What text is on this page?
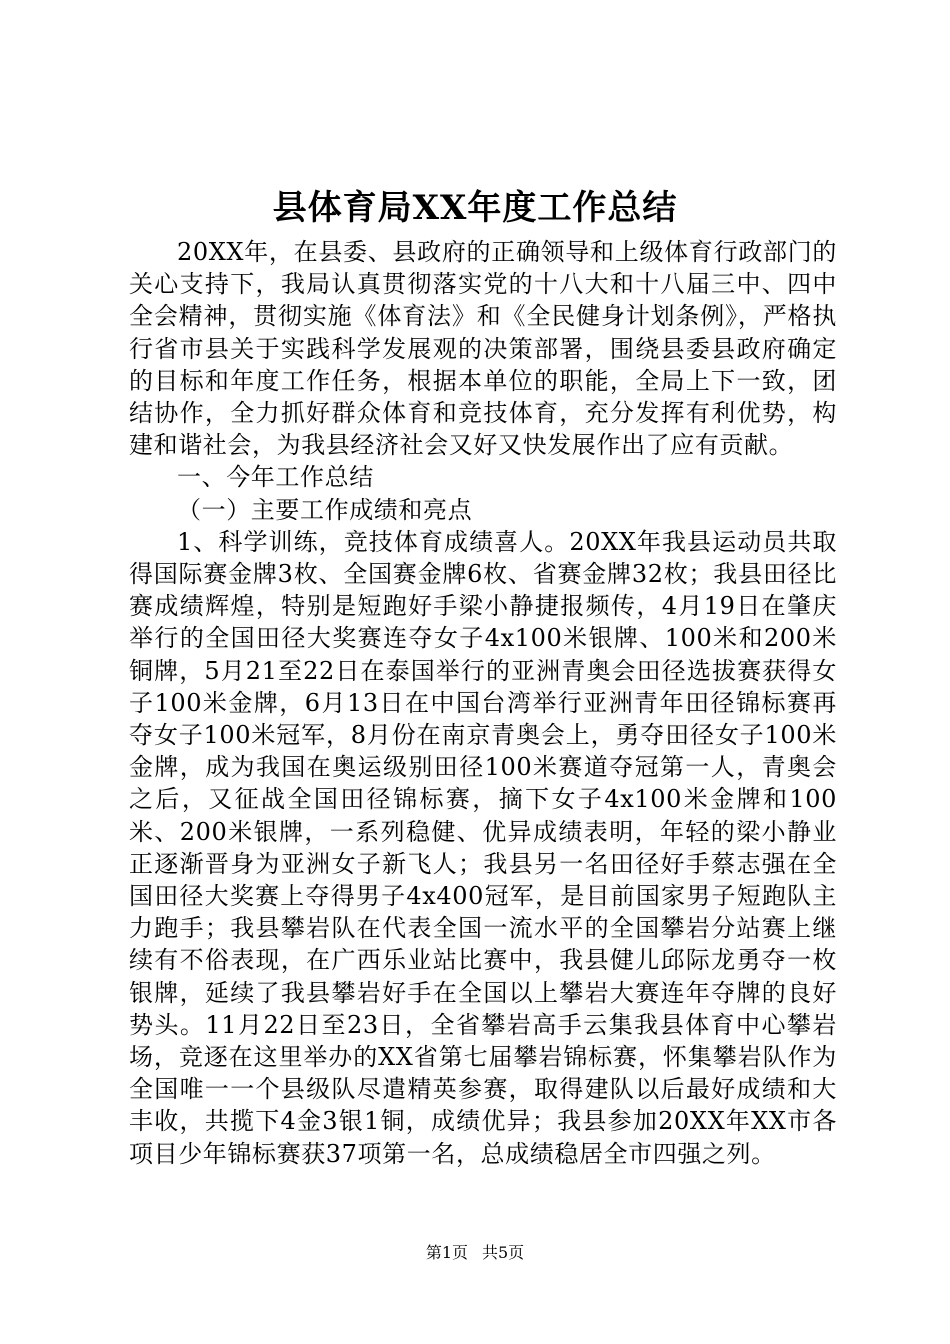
县体育局XX年度工作总结

20XX年，在县委、县政府的正确领导和上级体育行政部门的关心支持下，我局认真贯彻落实党的十八大和十八届三中、四中全会精神，贯彻实施《体育法》和《全民健身计划条例》，严格执行省市县关于实践科学发展观的决策部署，围绕县委县政府确定的目标和年度工作任务，根据本单位的职能，全局上下一致，团结协作，全力抓好群众体育和竞技体育，充分发挥有利优势，构建和谐社会，为我县经济社会又好又快发展作出了应有贡献。

一、今年工作总结

（一）主要工作成绩和亮点

1、科学训练，竞技体育成绩喜人。20XX年我县运动员共取得国际赛金牌3枚、全国赛金牌6枚、省赛金牌32枚；我县田径比赛成绩辉煌，特别是短跑好手梁小静捷报频传，4月19日在肇庆举行的全国田径大奖赛连夺女子4x100米银牌、100米和200米铜牌，5月21至22日在泰国举行的亚洲青奥会田径选拔赛获得女子100米金牌，6月13日在中国台湾举行亚洲青年田径锦标赛再夺女子100米冠军，8月份在南京青奥会上，勇夺田径女子100米金牌，成为我国在奥运级别田径100米赛道夺冠第一人，青奥会之后，又征战全国田径锦标赛，摘下女子4x100米金牌和100米、200米银牌，一系列稳健、优异成绩表明，年轻的梁小静业正逐渐晋身为亚洲女子新飞人；我县另一名田径好手蔡志强在全国田径大奖赛上夺得男子4x400冠军，是目前国家男子短跑队主力跑手；我县攀岩队在代表全国一流水平的全国攀岩分站赛上继续有不俗表现，在广西乐业站比赛中，我县健儿邱际龙勇夺一枚银牌，延续了我县攀岩好手在全国以上攀岩大赛连年夺牌的良好势头。11月22日至23日，全省攀岩高手云集我县体育中心攀岩场，竞逐在这里举办的XX省第七届攀岩锦标赛，怀集攀岩队作为全国唯一一个县级队尽遣精英参赛，取得建队以后最好成绩和大丰收，共揽下4金3银1铜，成绩优异；我县参加20XX年XX市各项目少年锦标赛获37项第一名，总成绩稳居全市四强之列。

第1页 共5页
